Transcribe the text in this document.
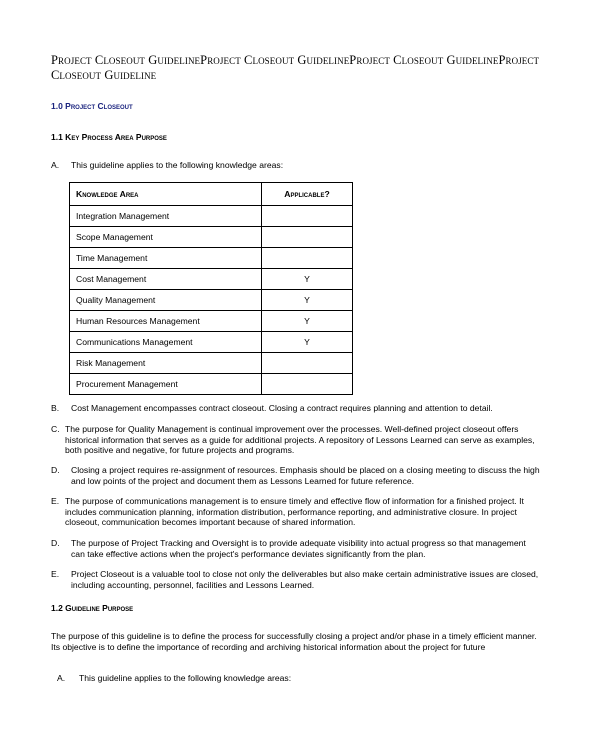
Project Closeout GuidelineProject Closeout GuidelineProject Closeout GuidelineProject Closeout Guideline
1.0 Project Closeout
1.1 Key Process Area Purpose
A. This guideline applies to the following knowledge areas:
Knowledge Area	Applicable?
Integration Management	
Scope Management	
Time Management	
Cost Management	Y
Quality Management	Y
Human Resources Management	Y
Communications Management	Y
Risk Management	
Procurement Management	
B. Cost Management encompasses contract closeout. Closing a contract requires planning and attention to detail.
C. The purpose for Quality Management is continual improvement over the processes. Well-defined project closeout offers historical information that serves as a guide for additional projects. A repository of Lessons Learned can serve as examples, both positive and negative, for future projects and programs.
D. Closing a project requires re-assignment of resources. Emphasis should be placed on a closing meeting to discuss the high and low points of the project and document them as Lessons Learned for future reference.
E. The purpose of communications management is to ensure timely and effective flow of information for a finished project. It includes communication planning, information distribution, performance reporting, and administrative closure. In project closeout, communication becomes important because of shared information.
D. The purpose of Project Tracking and Oversight is to provide adequate visibility into actual progress so that management can take effective actions when the project's performance deviates significantly from the plan.
E. Project Closeout is a valuable tool to close not only the deliverables but also make certain administrative issues are closed, including accounting, personnel, facilities and Lessons Learned.
1.2 Guideline Purpose
The purpose of this guideline is to define the process for successfully closing a project and/or phase in a timely efficient manner. Its objective is to define the importance of recording and archiving historical information about the project for future
A. This guideline applies to the following knowledge areas:
